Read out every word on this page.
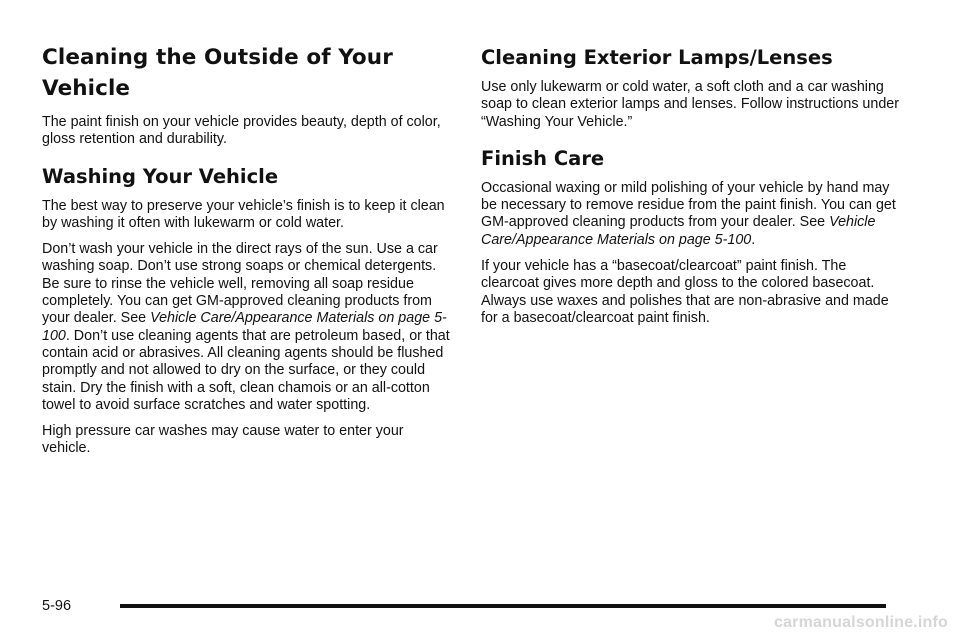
Cleaning the Outside of Your Vehicle

The paint finish on your vehicle provides beauty, depth of color, gloss retention and durability.

Washing Your Vehicle

The best way to preserve your vehicle’s finish is to keep it clean by washing it often with lukewarm or cold water.

Don’t wash your vehicle in the direct rays of the sun. Use a car washing soap. Don’t use strong soaps or chemical detergents. Be sure to rinse the vehicle well, removing all soap residue completely. You can get GM-approved cleaning products from your dealer. See Vehicle Care/Appearance Materials on page 5-100. Don’t use cleaning agents that are petroleum based, or that contain acid or abrasives. All cleaning agents should be flushed promptly and not allowed to dry on the surface, or they could stain. Dry the finish with a soft, clean chamois or an all-cotton towel to avoid surface scratches and water spotting.

High pressure car washes may cause water to enter your vehicle.

Cleaning Exterior Lamps/Lenses

Use only lukewarm or cold water, a soft cloth and a car washing soap to clean exterior lamps and lenses. Follow instructions under “Washing Your Vehicle.”

Finish Care

Occasional waxing or mild polishing of your vehicle by hand may be necessary to remove residue from the paint finish. You can get GM-approved cleaning products from your dealer. See Vehicle Care/Appearance Materials on page 5-100.

If your vehicle has a “basecoat/clearcoat” paint finish. The clearcoat gives more depth and gloss to the colored basecoat. Always use waxes and polishes that are non-abrasive and made for a basecoat/clearcoat paint finish.

5-96
carmanualsonline.info
